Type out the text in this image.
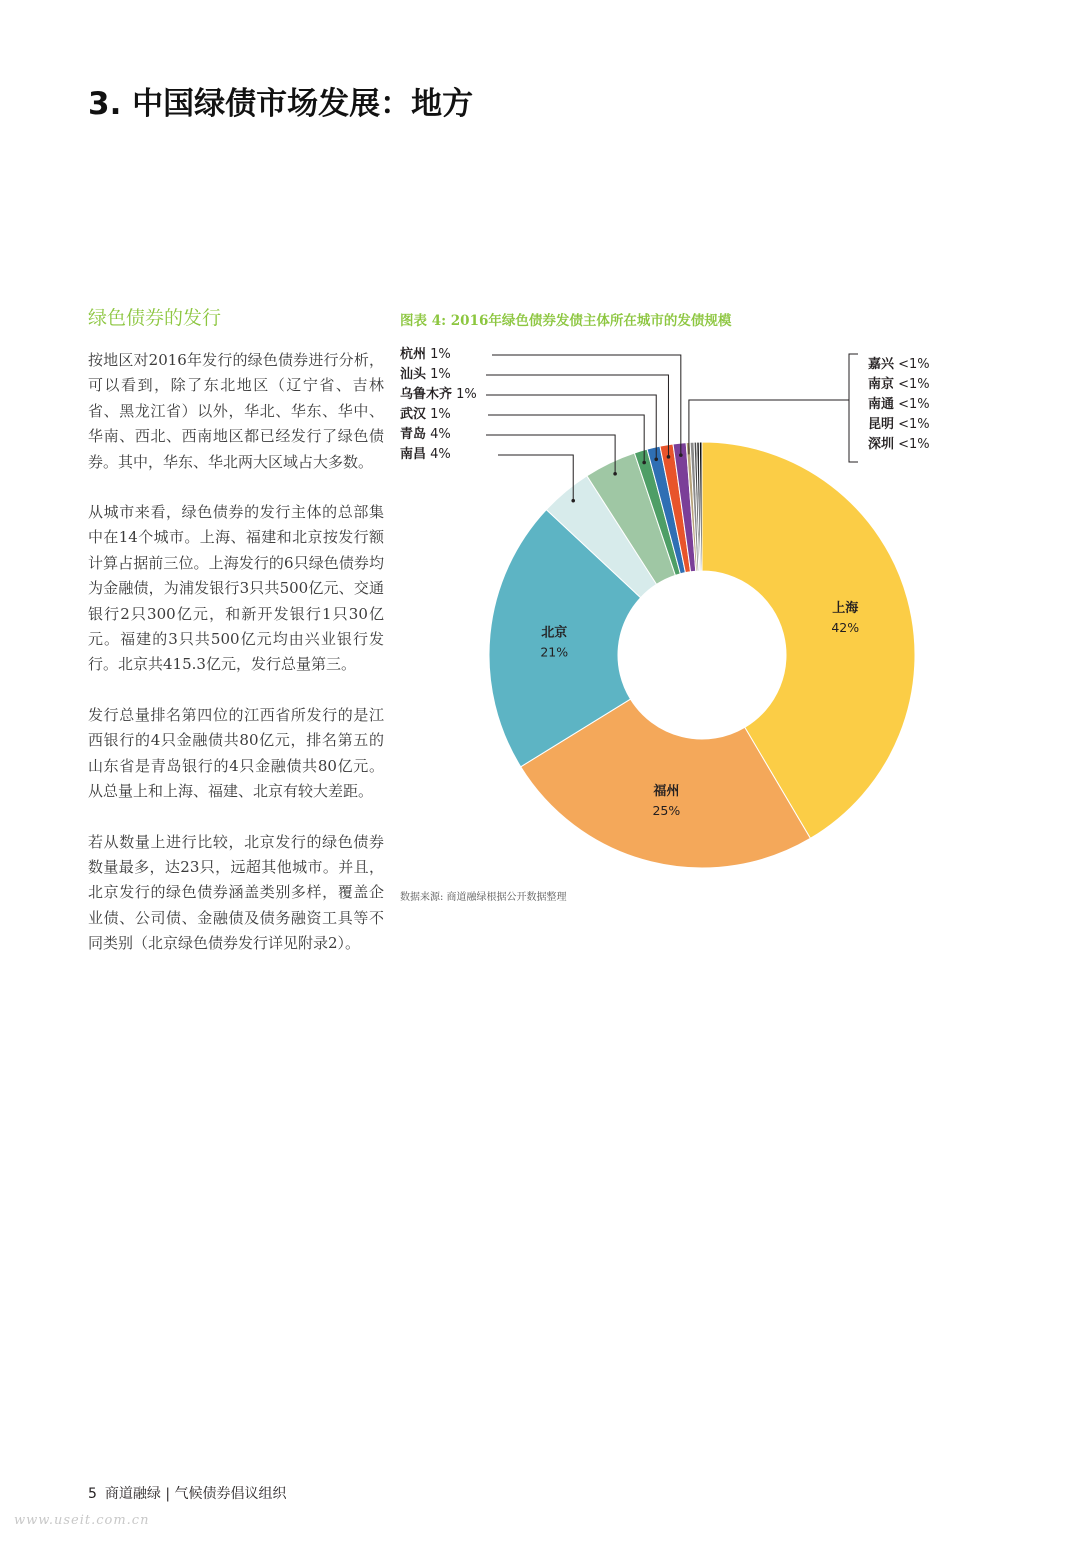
3. 中国绿债市场发展：地方
绿色债券的发行

按地区对2016年发行的绿色债券进行分析，可以看到，除了东北地区（辽宁省、吉林省、黑龙江省）以外，华北、华东、华中、华南、西北、西南地区都已经发行了绿色债券。其中，华东、华北两大区域占大多数。

从城市来看，绿色债券的发行主体的总部集中在14个城市。上海、福建和北京按发行额计算占据前三位。上海发行的6只绿色债券均为金融债，为浦发银行3只共500亿元、交通银行2只300亿元，和新开发银行1只30亿元。福建的3只共500亿元均由兴业银行发行。北京共415.3亿元，发行总量第三。

发行总量排名第四位的江西省所发行的是江西银行的4只金融债共80亿元，排名第五的山东省是青岛银行的4只金融债共80亿元。从总量上和上海、福建、北京有较大差距。

若从数量上进行比较，北京发行的绿色债券数量最多，达23只，远超其他城市。并且，北京发行的绿色债券涵盖类别多样，覆盖企业债、公司债、金融债及债务融资工具等不同类别（北京绿色债券发行详见附录2）。

图表 4: 2016年绿色债券发债主体所在城市的发债规模
上海
42%
福州
25%
北京
21%
杭州 1%
汕头 1%
乌鲁木齐 1%
武汉 1%
青岛 4%
南昌 4%
嘉兴 <1%
南京 <1%
南通 <1%
昆明 <1%
深圳 <1%
数据来源: 商道融绿根据公开数据整理
5 商道融绿 | 气候债券倡议组织
www.useit.com.cn
